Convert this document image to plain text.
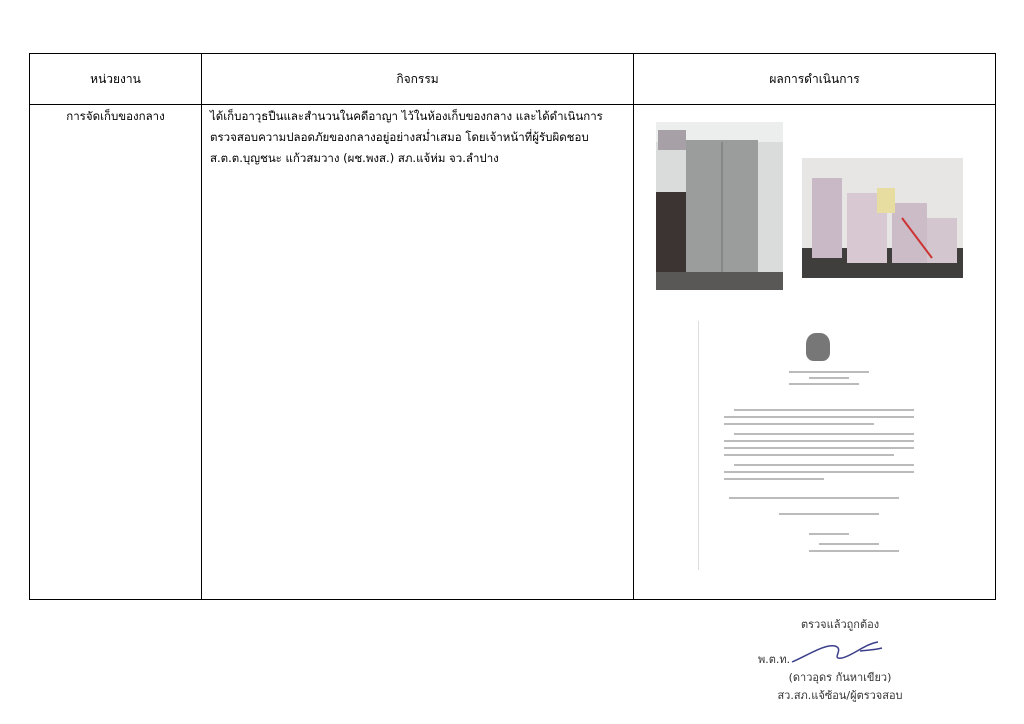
หน่วยงาน	กิจกรรม	ผลการดำเนินการ
การจัดเก็บของกลาง	ได้เก็บอาวุธปืนและสำนวนในคดีอาญา ไว้ในห้องเก็บของกลาง และได้ดำเนินการ
ตรวจสอบความปลอดภัยของกลางอยู่อย่างสม่ำเสมอ โดยเจ้าหน้าที่ผู้รับผิดชอบ
ส.ต.ต.บุญชนะ แก้วสมวาง (ผช.พงส.) สภ.แจ้ห่ม จว.ลำปาง
ตรวจแล้วถูกต้อง
พ.ต.ท.
(ดาวอุดร กันหาเขียว)
สว.สภ.แจ้ซ้อน/ผู้ตรวจสอบ
